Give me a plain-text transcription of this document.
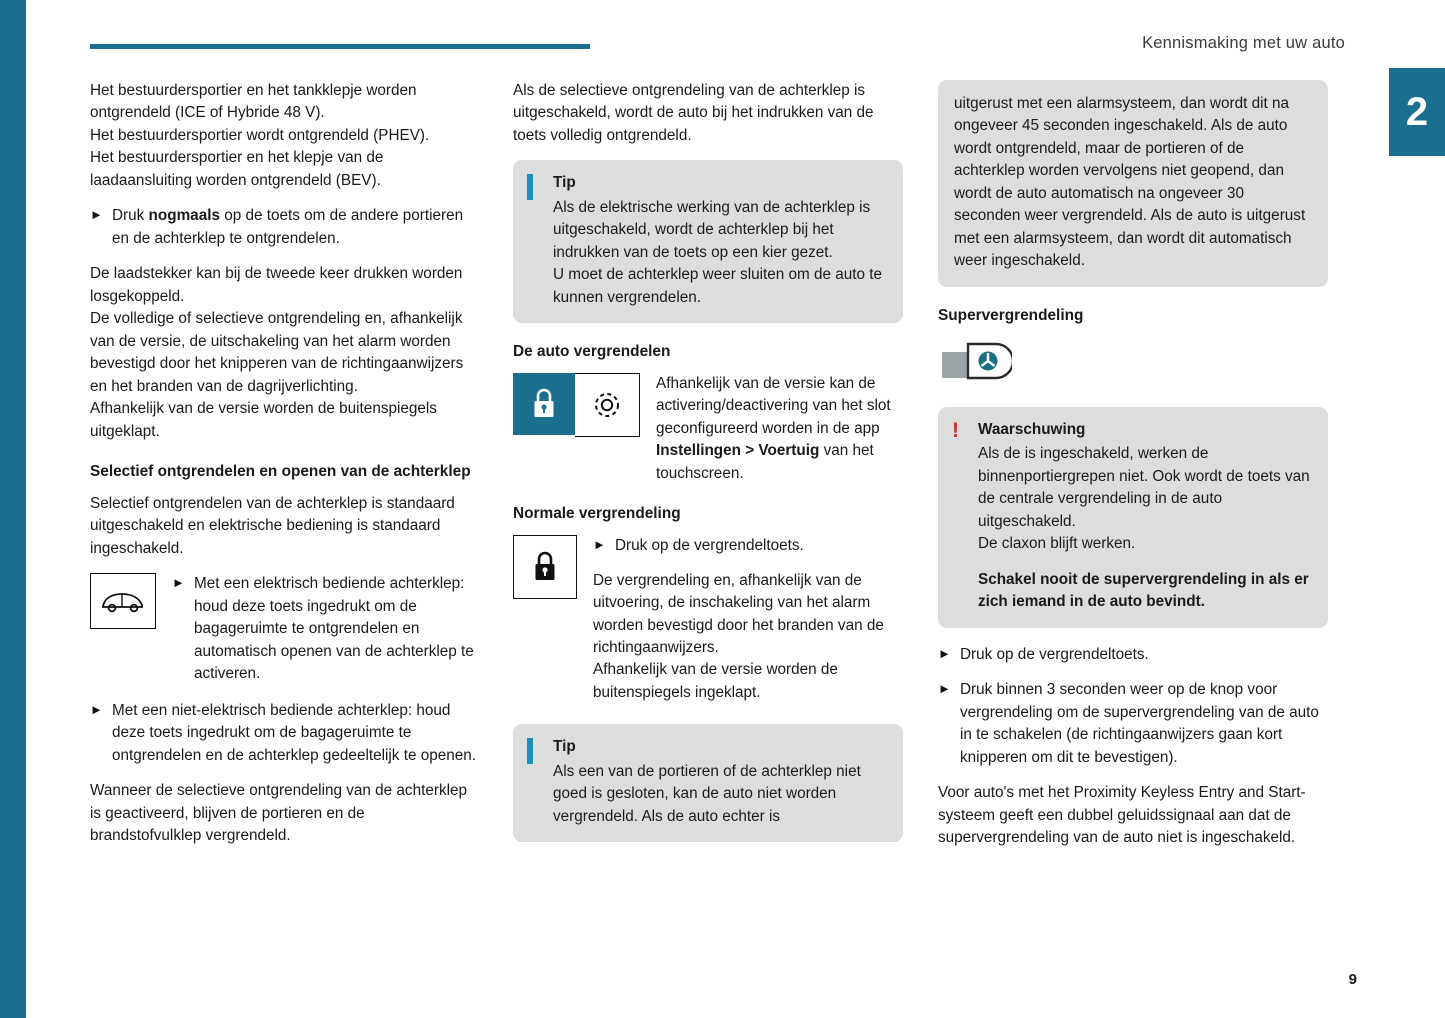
Kennismaking met uw auto
2
9

Het bestuurdersportier en het tankklepje worden ontgrendeld (ICE of Hybride 48 V).

Het bestuurdersportier wordt ontgrendeld (PHEV).

Het bestuurdersportier en het klepje van de laadaansluiting worden ontgrendeld (BEV).

► Druk nogmaals op de toets om de andere portieren en de achterklep te ontgrendelen.

De laadstekker kan bij de tweede keer drukken worden losgekoppeld.

De volledige of selectieve ontgrendeling en, afhankelijk van de versie, de uitschakeling van het alarm worden bevestigd door het knipperen van de richtingaanwijzers en het branden van de dagrijverlichting.

Afhankelijk van de versie worden de buitenspiegels uitgeklapt.

Selectief ontgrendelen en openen van de achterklep

Selectief ontgrendelen van de achterklep is standaard uitgeschakeld en elektrische bediening is standaard ingeschakeld.

► Met een elektrisch bediende achterklep: houd deze toets ingedrukt om de bagageruimte te ontgrendelen en automatisch openen van de achterklep te activeren.
► Met een niet-elektrisch bediende achterklep: houd deze toets ingedrukt om de bagageruimte te ontgrendelen en de achterklep gedeeltelijk te openen.

Wanneer de selectieve ontgrendeling van de achterklep is geactiveerd, blijven de portieren en de brandstofvulklep vergrendeld.

Als de selectieve ontgrendeling van de achterklep is uitgeschakeld, wordt de auto bij het indrukken van de toets volledig ontgrendeld.

Tip

Als de elektrische werking van de achterklep is uitgeschakeld, wordt de achterklep bij het indrukken van de toets op een kier gezet.

U moet de achterklep weer sluiten om de auto te kunnen vergrendelen.

De auto vergrendelen
Afhankelijk van de versie kan de activering/deactivering van het slot geconfigureerd worden in de app Instellingen > Voertuig van het touchscreen.
Normale vergrendeling
► Druk op de vergrendeltoets.

De vergrendeling en, afhankelijk van de uitvoering, de inschakeling van het alarm worden bevestigd door het branden van de richtingaanwijzers.

Afhankelijk van de versie worden de buitenspiegels ingeklapt.

Tip

Als een van de portieren of de achterklep niet goed is gesloten, kan de auto niet worden vergrendeld. Als de auto echter is

uitgerust met een alarmsysteem, dan wordt dit na ongeveer 45 seconden ingeschakeld. Als de auto wordt ontgrendeld, maar de portieren of de achterklep worden vervolgens niet geopend, dan wordt de auto automatisch na ongeveer 30 seconden weer vergrendeld. Als de auto is uitgerust met een alarmsysteem, dan wordt dit automatisch weer ingeschakeld.

Supervergrendeling
!	Waarschuwing

Als de is ingeschakeld, werken de binnenportiergrepen niet. Ook wordt de toets van de centrale vergrendeling in de auto uitgeschakeld.

De claxon blijft werken.

Schakel nooit de supervergrendeling in als er zich iemand in de auto bevindt.

► Druk op de vergrendeltoets.
► Druk binnen 3 seconden weer op de knop voor vergrendeling om de supervergrendeling van de auto in te schakelen (de richtingaanwijzers gaan kort knipperen om dit te bevestigen).

Voor auto's met het Proximity Keyless Entry and Start-systeem geeft een dubbel geluidssignaal aan dat de supervergrendeling van de auto niet is ingeschakeld.
